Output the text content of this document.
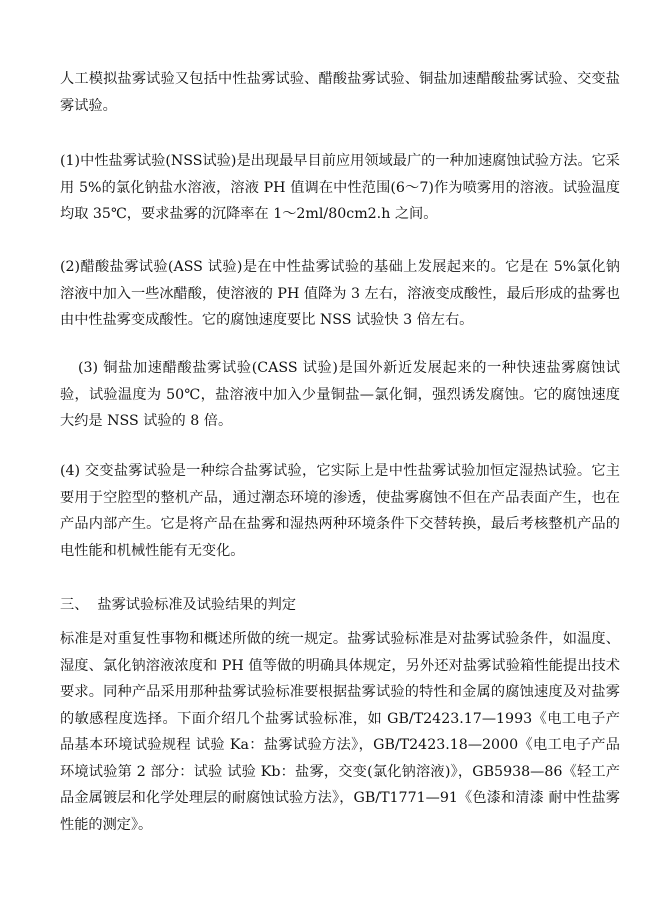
人工模拟盐雾试验又包括中性盐雾试验、醋酸盐雾试验、铜盐加速醋酸盐雾试验、交变盐雾试验。

(1)中性盐雾试验(NSS试验)是出现最早目前应用领域最广的一种加速腐蚀试验方法。它采用 5%的氯化钠盐水溶液，溶液 PH 值调在中性范围(6～7)作为喷雾用的溶液。试验温度均取 35℃，要求盐雾的沉降率在 1～2ml/80cm2.h 之间。

(2)醋酸盐雾试验(ASS 试验)是在中性盐雾试验的基础上发展起来的。它是在 5%氯化钠溶液中加入一些冰醋酸，使溶液的 PH 值降为 3 左右，溶液变成酸性，最后形成的盐雾也由中性盐雾变成酸性。它的腐蚀速度要比 NSS 试验快 3 倍左右。

(3) 铜盐加速醋酸盐雾试验(CASS 试验)是国外新近发展起来的一种快速盐雾腐蚀试验，试验温度为 50℃，盐溶液中加入少量铜盐—氯化铜，强烈诱发腐蚀。它的腐蚀速度大约是 NSS 试验的 8 倍。

(4) 交变盐雾试验是一种综合盐雾试验，它实际上是中性盐雾试验加恒定湿热试验。它主要用于空腔型的整机产品，通过潮态环境的渗透，使盐雾腐蚀不但在产品表面产生，也在产品内部产生。它是将产品在盐雾和湿热两种环境条件下交替转换，最后考核整机产品的电性能和机械性能有无变化。

三、  盐雾试验标准及试验结果的判定

标准是对重复性事物和概述所做的统一规定。盐雾试验标准是对盐雾试验条件，如温度、湿度、氯化钠溶液浓度和 PH 值等做的明确具体规定，另外还对盐雾试验箱性能提出技术要求。同种产品采用那种盐雾试验标准要根据盐雾试验的特性和金属的腐蚀速度及对盐雾的敏感程度选择。下面介绍几个盐雾试验标准，如 GB/T2423.17—1993《电工电子产品基本环境试验规程 试验 Ka：盐雾试验方法》，GB/T2423.18—2000《电工电子产品环境试验第 2 部分：试验 试验 Kb：盐雾，交变(氯化钠溶液)》，GB5938—86《轻工产品金属镀层和化学处理层的耐腐蚀试验方法》，GB/T1771—91《色漆和清漆 耐中性盐雾性能的测定》。
